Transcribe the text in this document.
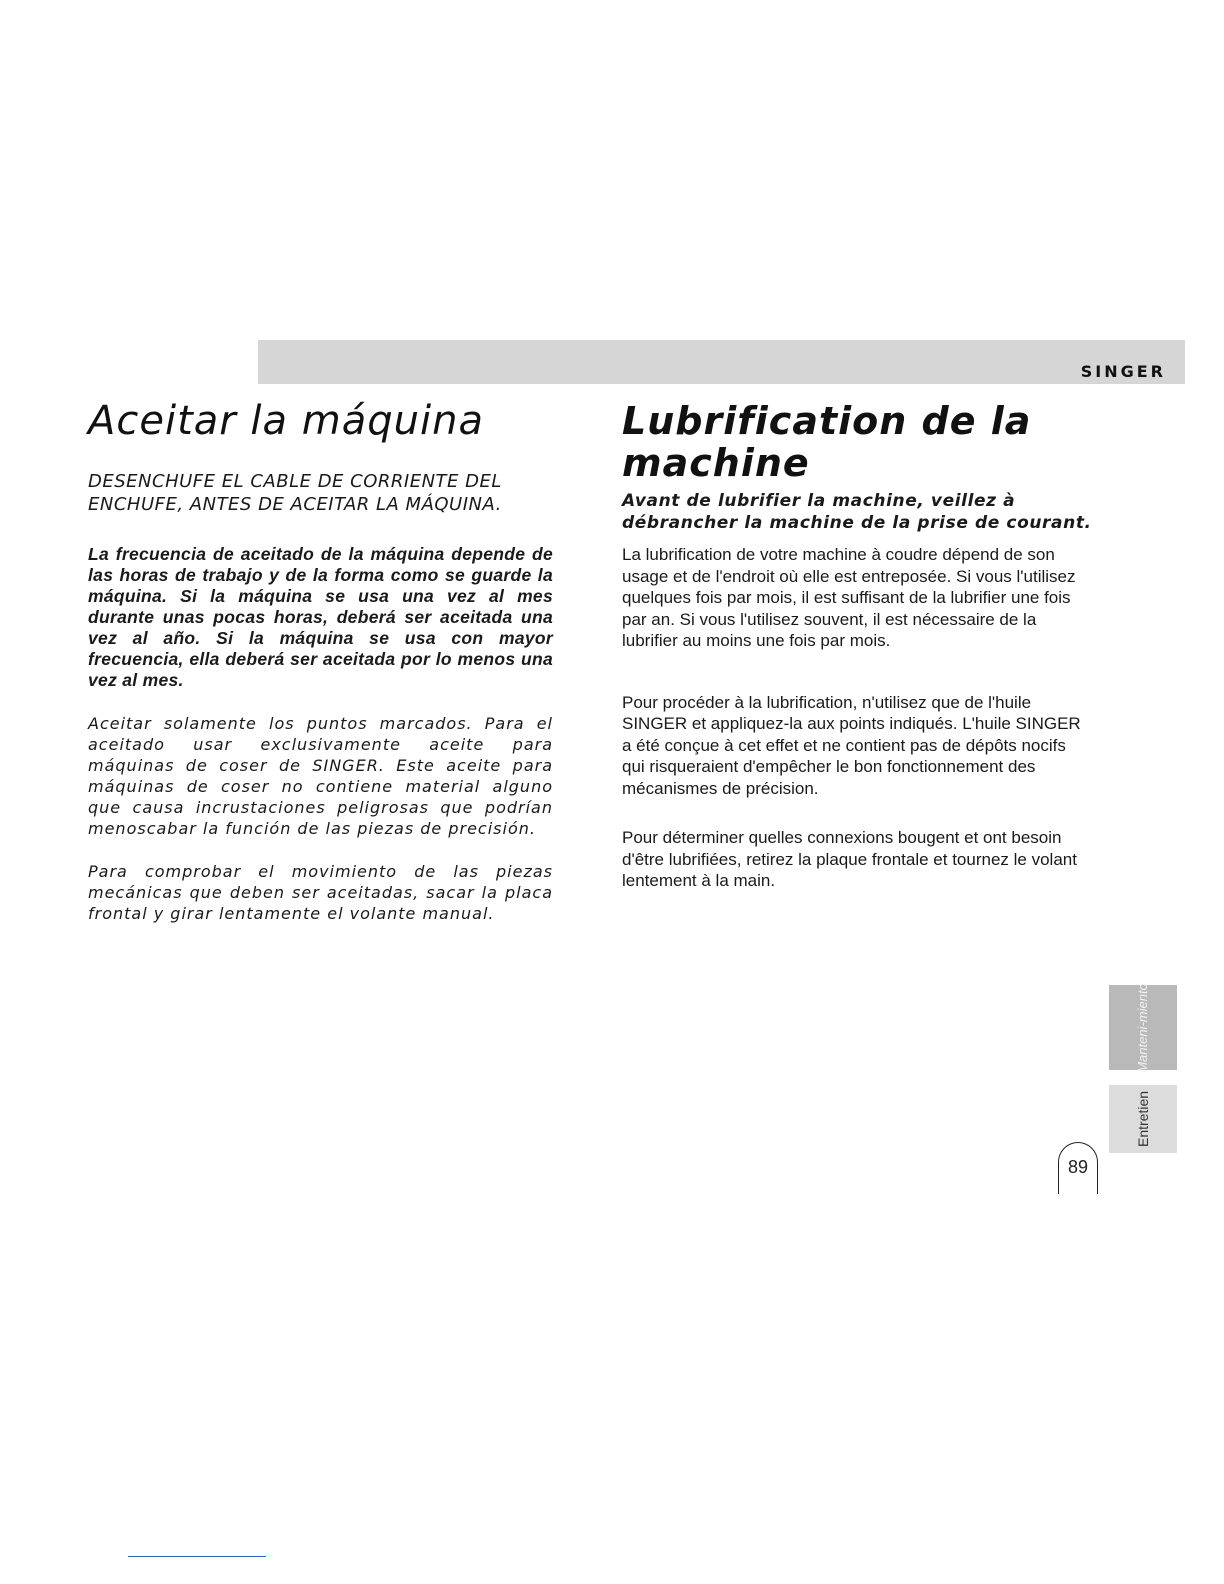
SINGER
Aceitar la máquina

DESENCHUFE EL CABLE DE CORRIENTE DEL ENCHUFE, ANTES DE ACEITAR LA MÁQUINA.

La frecuencia de aceitado de la máquina depende de las horas de trabajo y de la forma como se guarde la máquina. Si la máquina se usa una vez al mes durante unas pocas horas, deberá ser aceitada una vez al año. Si la máquina se usa con mayor frecuencia, ella deberá ser aceitada por lo menos una vez al mes.

Aceitar solamente los puntos marcados. Para el aceitado usar exclusivamente aceite para máquinas de coser de SINGER. Este aceite para máquinas de coser no contiene material alguno que causa incrustaciones peligrosas que podrían menoscabar la función de las piezas de precisión.

Para comprobar el movimiento de las piezas mecánicas que deben ser aceitadas, sacar la placa frontal y girar lentamente el volante manual.

Lubrification de la machine

Avant de lubrifier la machine, veillez à débrancher la machine de la prise de courant.

La lubrification de votre machine à coudre dépend de son usage et de l'endroit où elle est entreposée. Si vous l'utilisez quelques fois par mois, il est suffisant de la lubrifier une fois par an. Si vous l'utilisez souvent, il est nécessaire de la lubrifier au moins une fois par mois.

Pour procéder à la lubrification, n'utilisez que de l'huile SINGER et appliquez-la aux points indiqués. L'huile SINGER a été conçue à cet effet et ne contient pas de dépôts nocifs qui risqueraient d'empêcher le bon fonctionnement des mécanismes de précision.

Pour déterminer quelles connexions bougent et ont besoin d'être lubrifiées, retirez la plaque frontale et tournez le volant lentement à la main.

Manteni-miento
Entretien
89
